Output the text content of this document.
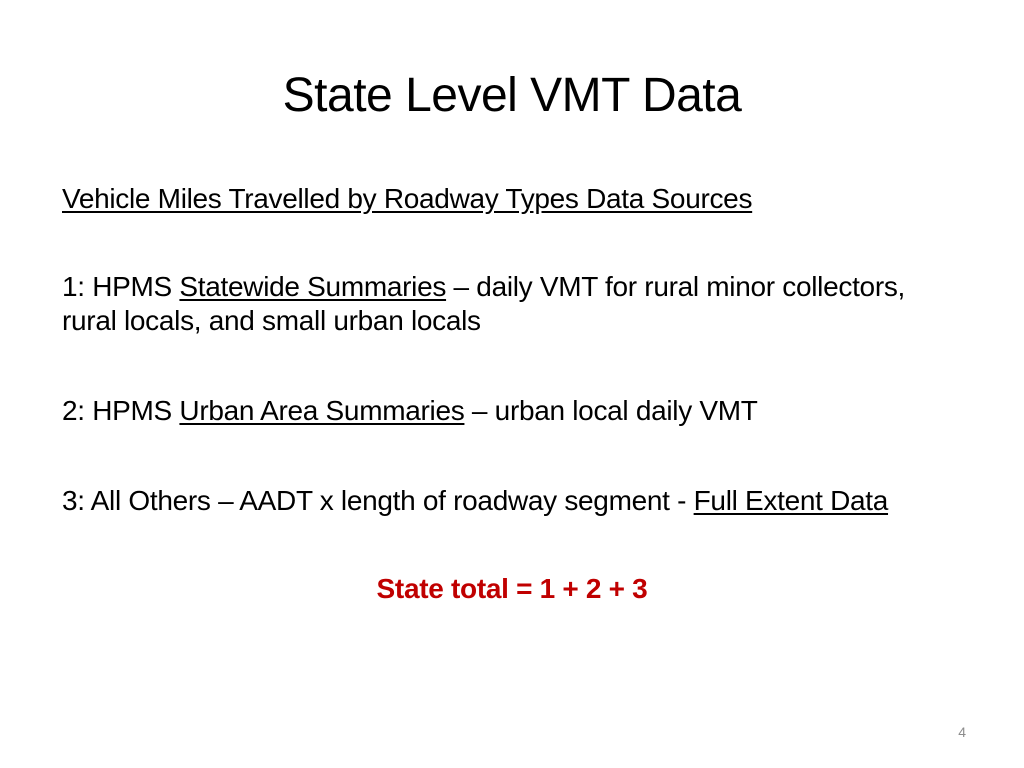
State Level VMT Data

Vehicle Miles Travelled by Roadway Types Data Sources

1: HPMS Statewide Summaries – daily VMT for rural minor collectors, rural locals, and small urban locals

2: HPMS Urban Area Summaries – urban local daily VMT

3: All Others – AADT x length of roadway segment - Full Extent Data

State total = 1 + 2 + 3

4
